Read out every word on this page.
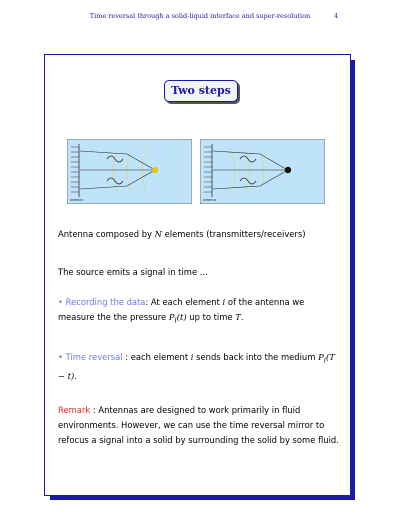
Time reversal through a solid-liquid interface and super-resolution	4
Two steps
antenna	antenna
Antenna composed by N elements (transmitters/receivers)
The source emits a signal in time ...
• Recording the data: At each element i of the antenna we measure the the pressure $P_i(t)$ up to time T.
• Time reversal : each element i sends back into the medium $P_i(T - t)$.
Remark : Antennas are designed to work primarily in fluid environments. However, we can use the time reversal mirror to refocus a signal into a solid by surrounding the solid by some fluid.
